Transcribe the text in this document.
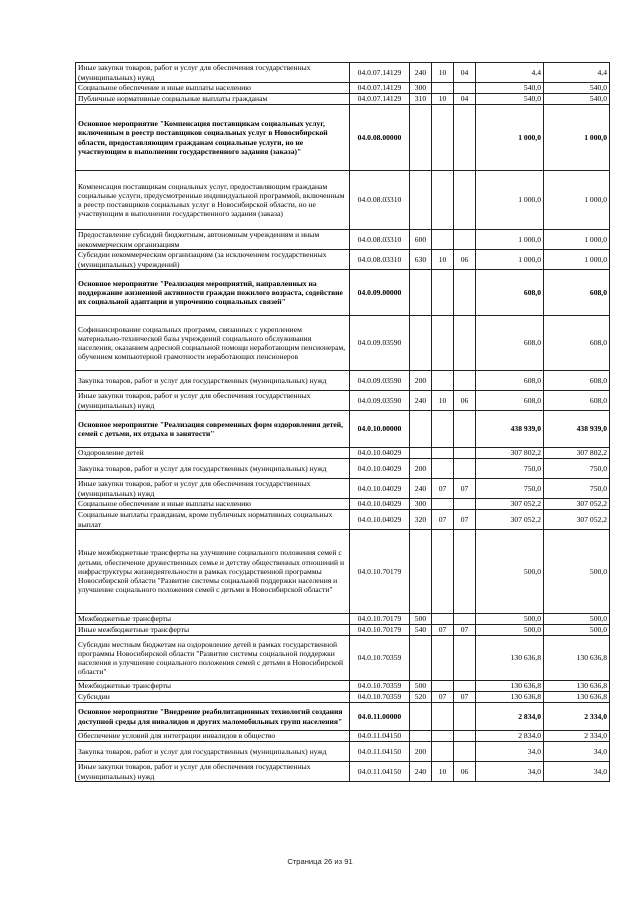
Иные закупки товаров, работ и услуг для обеспечения государственных (муниципальных) нужд	04.0.07.14129	240	10	04	4,4	4,4
Социальное обеспечение и иные выплаты населению	04.0.07.14129	300			540,0	540,0
Публичные нормативные социальные выплаты гражданам	04.0.07.14129	310	10	04	540,0	540,0
Основное мероприятие "Компенсация поставщикам социальных услуг, включенным в реестр поставщиков социальных услуг в Новосибирской области, предоставляющим гражданам социальные услуги, но не участвующим в выполнении государственного задания (заказа)"	04.0.08.00000				1 000,0	1 000,0
Компенсация поставщикам социальных услуг, предоставляющим гражданам социальные услуги, предусмотренные индивидуальной программой, включенным в реестр поставщиков социальных услуг в Новосибирской области, но не участвующим в выполнении государственного задания (заказа)	04.0.08.03310				1 000,0	1 000,0
Предоставление субсидий бюджетным, автономным учреждениям и иным некоммерческим организациям	04.0.08.03310	600			1 000,0	1 000,0
Субсидии некоммерческим организациям (за исключением государственных (муниципальных) учреждений)	04.0.08.03310	630	10	06	1 000,0	1 000,0
Основное мероприятие "Реализация мероприятий, направленных на поддержание жизненной активности граждан пожилого возраста, содействие их социальной адаптации и упрочению социальных связей"	04.0.09.00000				608,0	608,0
Софинансирование социальных программ, связанных с укреплением материально-технической базы учреждений социального обслуживания населения, оказанием адресной социальной помощи неработающим пенсионерам, обучением компьютерной грамотности неработающих пенсионеров	04.0.09.03590				608,0	608,0
Закупка товаров, работ и услуг для государственных (муниципальных) нужд	04.0.09.03590	200			608,0	608,0
Иные закупки товаров, работ и услуг для обеспечения государственных (муниципальных) нужд	04.0.09.03590	240	10	06	608,0	608,0
Основное мероприятие "Реализация современных форм оздоровления детей, семей с детьми, их отдыха и занятости"	04.0.10.00000				438 939,0	438 939,0
Оздоровление детей	04.0.10.04029				307 802,2	307 802,2
Закупка товаров, работ и услуг для государственных (муниципальных) нужд	04.0.10.04029	200			750,0	750,0
Иные закупки товаров, работ и услуг для обеспечения государственных (муниципальных) нужд	04.0.10.04029	240	07	07	750,0	750,0
Социальное обеспечение и иные выплаты населению	04.0.10.04029	300			307 052,2	307 052,2
Социальные выплаты гражданам, кроме публичных нормативных социальных выплат	04.0.10.04029	320	07	07	307 052,2	307 052,2
Иные межбюджетные трансферты на улучшение социального положения семей с детьми, обеспечение дружественных семье и детству общественных отношений и инфраструктуры жизнедеятельности в рамках государственной программы Новосибирской области "Развитие системы социальной поддержки населения и улучшение социального положения семей с детьми в Новосибирской области"	04.0.10.70179				500,0	500,0
Межбюджетные трансферты	04.0.10.70179	500			500,0	500,0
Иные межбюджетные трансферты	04.0.10.70179	540	07	07	500,0	500,0
Субсидии местным бюджетам на оздоровление детей в рамках государственной программы Новосибирской области "Развитие системы социальной поддержки населения и улучшение социального положения семей с детьми в Новосибирской области"	04.0.10.70359				130 636,8	130 636,8
Межбюджетные трансферты	04.0.10.70359	500			130 636,8	130 636,8
Субсидии	04.0.10.70359	520	07	07	130 636,8	130 636,8
Основное мероприятие "Внедрение реабилитационных технологий создания доступной среды для инвалидов и других маломобильных групп населения"	04.0.11.00000				2 834,0	2 334,0
Обеспечение условий для интеграции инвалидов в общество	04.0.11.04150				2 834,0	2 334,0
Закупка товаров, работ и услуг для государственных (муниципальных) нужд	04.0.11.04150	200			34,0	34,0
Иные закупки товаров, работ и услуг для обеспечения государственных (муниципальных) нужд	04.0.11.04150	240	10	06	34,0	34,0
Страница 26 из 91
